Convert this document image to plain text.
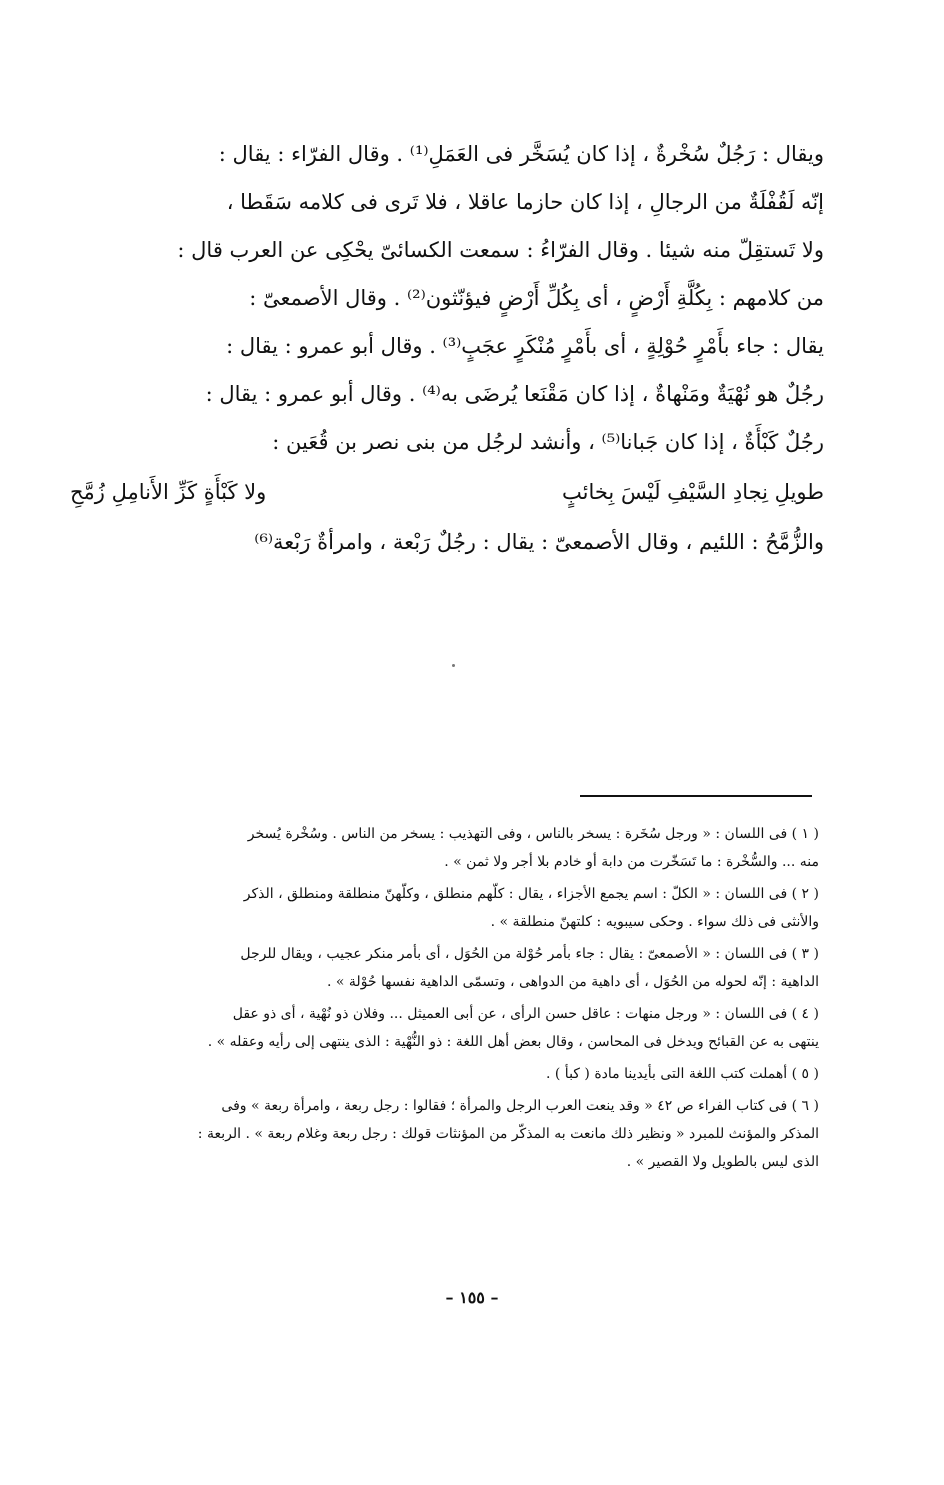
ويقال : رَجُلٌ سُخْرةٌ ، إذا كان يُسَخَّر فى العَمَلِ⁽¹⁾ . وقال الفرّاء : يقال :
إنّه لَقُفْلَةٌ من الرجالِ ، إذا كان حازما عاقلا ، فلا تَرى فى كلامه سَقَطا ،
ولا تَستقِلّ منه شيئا . وقال الفرّاءُ : سمعت الكسائىّ يحْكِى عن العرب قال :
من كلامهم : بِكُلَّةِ أَرْضٍ ، أى بِكُلِّ أَرْضٍ فيؤنّثون⁽²⁾ . وقال الأصمعىّ :
يقال : جاء بأَمْرٍ حُوْلِةٍ ، أى بأَمْرٍ مُنْكَرٍ عجَبٍ⁽³⁾ . وقال أبو عمرو : يقال :
رجُلٌ هو نُهْيَةٌ ومَنْهاةٌ ، إذا كان مَقْنَعا يُرضَى به⁽⁴⁾ . وقال أبو عمرو : يقال :
رجُلٌ كَبْأَةٌ ، إذا كان جَبانا⁽⁵⁾ ، وأنشد لرجُل من بنى نصر بن قُعَين :
طويلِ نِجادِ السَّيْفِ لَيْسَ بِخائبٍ
ولا كَبْأَةٍ كَزِّ الأَنامِلِ زُمَّحِ
والزُّمَّحُ : اللئيم ، وقال الأصمعىّ : يقال : رجُلٌ رَبْعة ، وامرأةٌ رَبْعة⁽⁶⁾
( ١ ) فى اللسان : « ورجل سُخَرة : يسخر بالناس ، وفى التهذيب : يسخر من الناس . وسُخْرة يُسخر
منه ... والسُّخْرة : ما تَسَخّرت من دابة أو خادم بلا أجر ولا ثمن » .
( ٢ ) فى اللسان : « الكلّ : اسم يجمع الأجزاء ، يقال : كلّهم منطلق ، وكلّهنّ منطلقة ومنطلق ، الذكر
والأنثى فى ذلك سواء . وحكى سيبويه : كلتهنّ منطلقة » .
( ٣ ) فى اللسان : « الأصمعىّ : يقال : جاء بأمر حُوْلة من الحُوَل ، أى بأمر منكر عجيب ، ويقال للرجل
الداهية : إنّه لحوله من الحُوَل ، أى داهية من الدواهى ، وتسمّى الداهية نفسها حُوْلة » .
( ٤ ) فى اللسان : « ورجل منهات : عاقل حسن الرأى ، عن أبى العميثل ... وفلان ذو نُهْية ، أى ذو عقل
ينتهى به عن القبائح ويدخل فى المحاسن ، وقال بعض أهل اللغة : ذو النُّهْية : الذى ينتهى إلى رأيه وعقله » .
( ٥ ) أهملت كتب اللغة التى بأيدينا مادة ( كبأ ) .
( ٦ ) فى كتاب الفراء ص ٤٢ « وقد ينعت العرب الرجل والمرأة ؛ فقالوا : رجل ربعة ، وامرأة ربعة » وفى
المذكر والمؤنث للمبرد « ونظير ذلك مانعت به المذكّر من المؤنثات قولك : رجل ربعة وغلام ربعة » . الربعة :
الذى ليس بالطويل ولا القصير » .
– ١٥٥ –
